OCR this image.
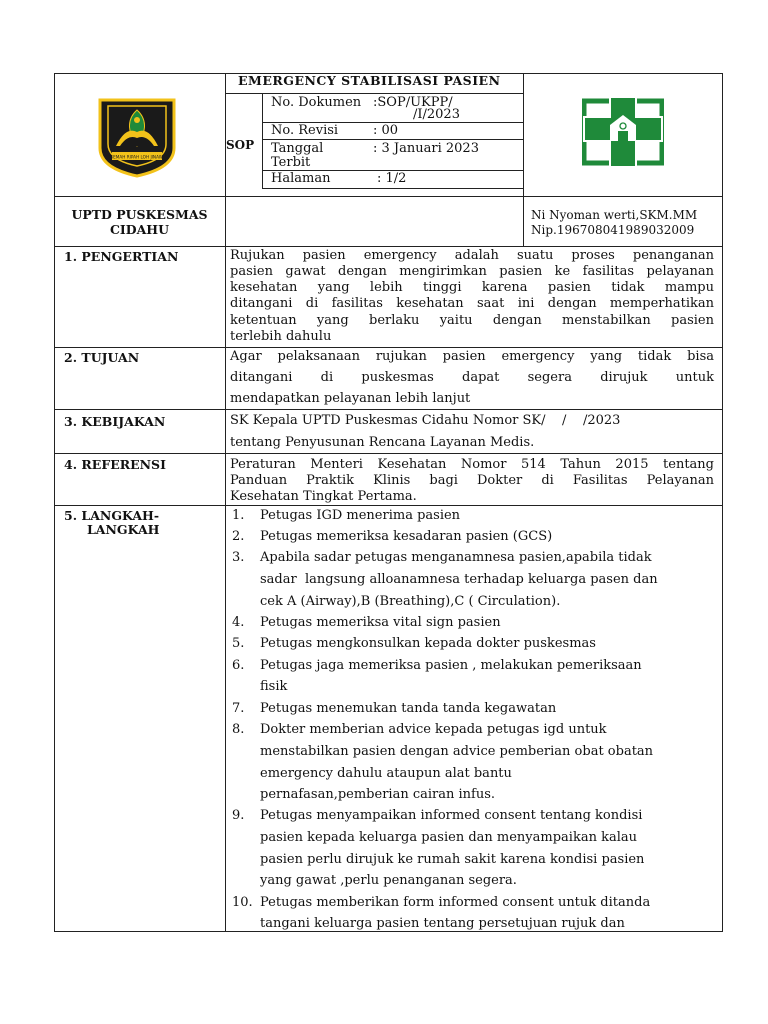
GEMAH RIPAH LOH JINAWI
EMERGENCY STABILISASI PASIEN
SOP
No. Dokumen :SOP/UKPP/
/I/2023
No. Revisi	: 00
Tanggal
Terbit
: 3 Januari 2023
Halaman	: 1/2
UPTD PUSKESMAS
CIDAHU
Ni Nyoman werti,SKM.MM
Nip.196708041989032009
1. PENGERTIAN	Rujukan pasien emergency adalah suatu proses penanganan
pasien gawat dengan mengirimkan pasien ke fasilitas pelayanan
kesehatan yang lebih tinggi karena pasien tidak mampu
ditangani di fasilitas kesehatan saat ini dengan memperhatikan
ketentuan yang berlaku yaitu dengan menstabilkan pasien
terlebih dahulu
2. TUJUAN	Agar pelaksanaan rujukan pasien emergency yang tidak bisa
ditangani di puskesmas dapat segera dirujuk untuk
mendapatkan pelayanan lebih lanjut
3. KEBIJAKAN	SK Kepala UPTD Puskesmas Cidahu Nomor SK/    /    /2023
tentang Penyusunan Rencana Layanan Medis.
4. REFERENSI	Peraturan Menteri Kesehatan Nomor 514 Tahun 2015 tentang
Panduan Praktik Klinis bagi Dokter di Fasilitas Pelayanan
Kesehatan Tingkat Pertama.
5. LANGKAH-
LANGKAH
1. Petugas IGD menerima pasien
2. Petugas memeriksa kesadaran pasien (GCS)
3. Apabila sadar petugas menganamnesa pasien,apabila tidak
sadar  langsung alloanamnesa terhadap keluarga pasen dan
cek A (Airway),B (Breathing),C ( Circulation).
4. Petugas memeriksa vital sign pasien
5. Petugas mengkonsulkan kepada dokter puskesmas
6. Petugas jaga memeriksa pasien , melakukan pemeriksaan
fisik
7. Petugas menemukan tanda tanda kegawatan
8. Dokter memberian advice kepada petugas igd untuk
menstabilkan pasien dengan advice pemberian obat obatan
emergency dahulu ataupun alat bantu
pernafasan,pemberian cairan infus.
9. Petugas menyampaikan informed consent tentang kondisi
pasien kepada keluarga pasien dan menyampaikan kalau
pasien perlu dirujuk ke rumah sakit karena kondisi pasien
yang gawat ,perlu penanganan segera.
10. Petugas memberikan form informed consent untuk ditanda
tangani keluarga pasien tentang persetujuan rujuk dan
